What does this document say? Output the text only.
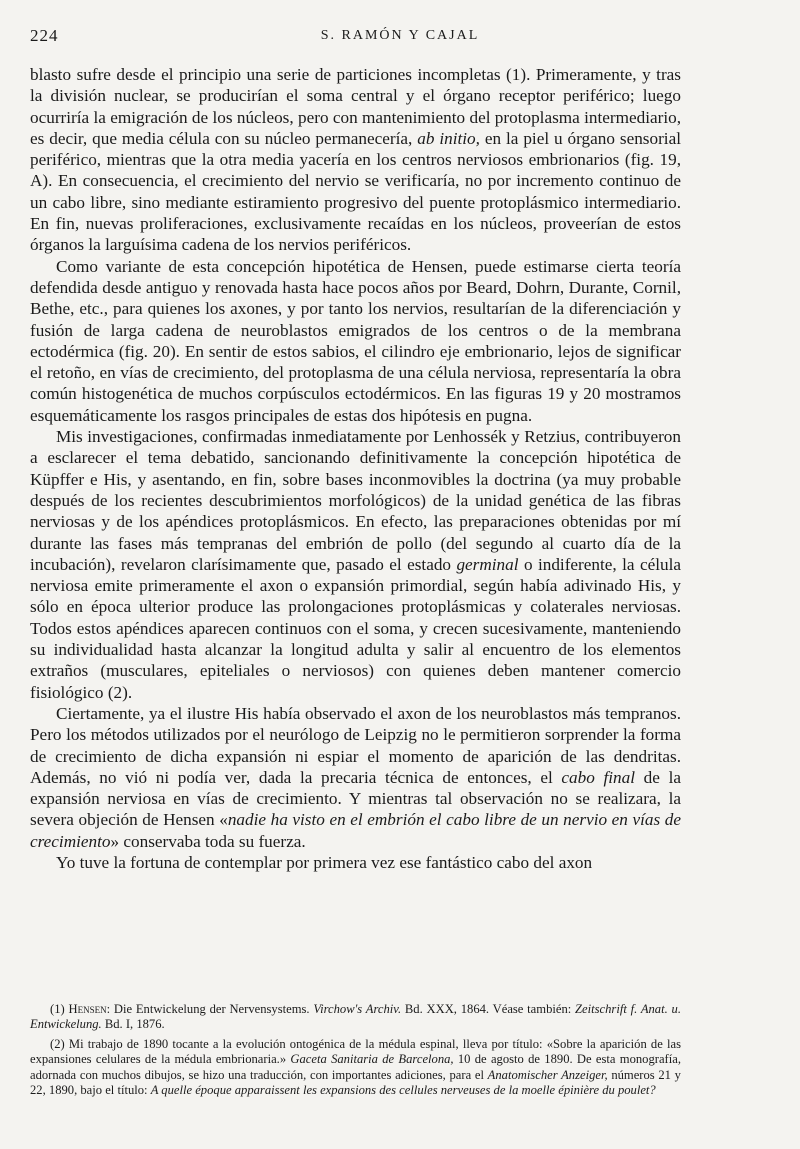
224	S. RAMÓN Y CAJAL

blasto sufre desde el principio una serie de particiones incompletas (1). Primeramente, y tras la división nuclear, se producirían el soma central y el órgano receptor periférico; luego ocurriría la emigración de los núcleos, pero con mantenimiento del protoplasma intermediario, es decir, que media célula con su núcleo permanecería, ab initio, en la piel u órgano sensorial periférico, mientras que la otra media yacería en los centros nerviosos embrionarios (fig. 19, A). En consecuencia, el crecimiento del nervio se verificaría, no por incremento continuo de un cabo libre, sino mediante estiramiento progresivo del puente protoplásmico intermediario. En fin, nuevas proliferaciones, exclusivamente recaídas en los núcleos, proveerían de estos órganos la larguísima cadena de los nervios periféricos.

Como variante de esta concepción hipotética de Hensen, puede estimarse cierta teoría defendida desde antiguo y renovada hasta hace pocos años por Beard, Dohrn, Durante, Cornil, Bethe, etc., para quienes los axones, y por tanto los nervios, resultarían de la diferenciación y fusión de larga cadena de neuroblastos emigrados de los centros o de la membrana ectodérmica (fig. 20). En sentir de estos sabios, el cilindro eje embrionario, lejos de significar el retoño, en vías de crecimiento, del protoplasma de una célula nerviosa, representaría la obra común histogenética de muchos corpúsculos ectodérmicos. En las figuras 19 y 20 mostramos esquemáticamente los rasgos principales de estas dos hipótesis en pugna.

Mis investigaciones, confirmadas inmediatamente por Lenhossék y Retzius, contribuyeron a esclarecer el tema debatido, sancionando definitivamente la concepción hipotética de Küpffer e His, y asentando, en fin, sobre bases inconmovibles la doctrina (ya muy probable después de los recientes descubrimientos morfológicos) de la unidad genética de las fibras nerviosas y de los apéndices protoplásmicos. En efecto, las preparaciones obtenidas por mí durante las fases más tempranas del embrión de pollo (del segundo al cuarto día de la incubación), revelaron clarísimamente que, pasado el estado germinal o indiferente, la célula nerviosa emite primeramente el axon o expansión primordial, según había adivinado His, y sólo en época ulterior produce las prolongaciones protoplásmicas y colaterales nerviosas. Todos estos apéndices aparecen continuos con el soma, y crecen sucesivamente, manteniendo su individualidad hasta alcanzar la longitud adulta y salir al encuentro de los elementos extraños (musculares, epiteliales o nerviosos) con quienes deben mantener comercio fisiológico (2).

Ciertamente, ya el ilustre His había observado el axon de los neuroblastos más tempranos. Pero los métodos utilizados por el neurólogo de Leipzig no le permitieron sorprender la forma de crecimiento de dicha expansión ni espiar el momento de aparición de las dendritas. Además, no vió ni podía ver, dada la precaria técnica de entonces, el cabo final de la expansión nerviosa en vías de crecimiento. Y mientras tal observación no se realizara, la severa objeción de Hensen «nadie ha visto en el embrión el cabo libre de un nervio en vías de crecimiento» conservaba toda su fuerza.

Yo tuve la fortuna de contemplar por primera vez ese fantástico cabo del axon

(1) Hensen: Die Entwickelung der Nervensystems. Virchow's Archiv. Bd. XXX, 1864. Véase también: Zeitschrift f. Anat. u. Entwickelung. Bd. I, 1876.

(2) Mi trabajo de 1890 tocante a la evolución ontogénica de la médula espinal, lleva por título: «Sobre la aparición de las expansiones celulares de la médula embrionaria.» Gaceta Sanitaria de Barcelona, 10 de agosto de 1890. De esta monografía, adornada con muchos dibujos, se hizo una traducción, con importantes adiciones, para el Anatomischer Anzeiger, números 21 y 22, 1890, bajo el título: A quelle époque apparaissent les expansions des cellules nerveuses de la moelle épinière du poulet?
